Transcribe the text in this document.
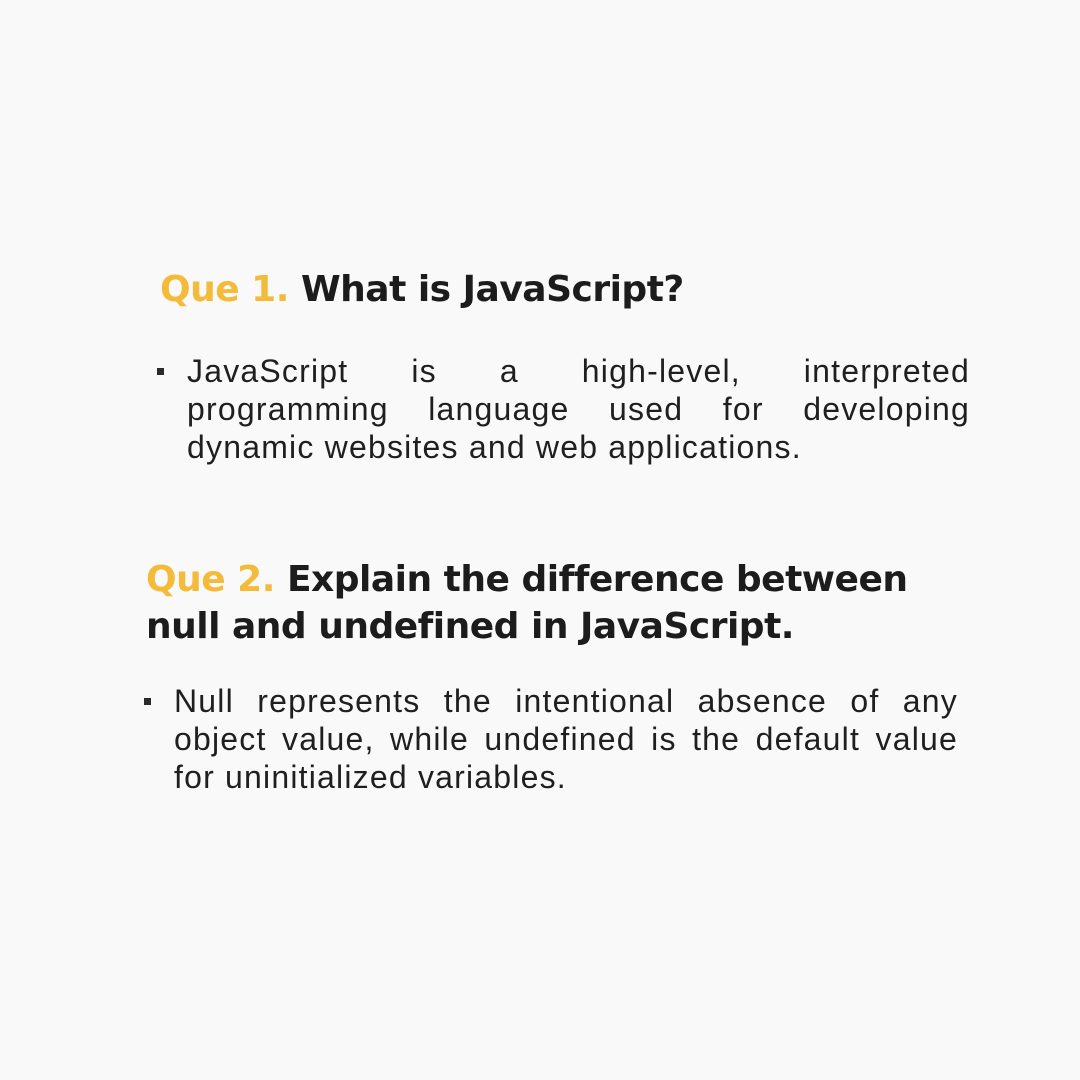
Que 1. What is JavaScript?
JavaScript is a high-level, interpreted programming language used for developing dynamic websites and web applications.
Que 2. Explain the difference between null and undefined in JavaScript.
Null represents the intentional absence of any object value, while undefined is the default value for uninitialized variables.
